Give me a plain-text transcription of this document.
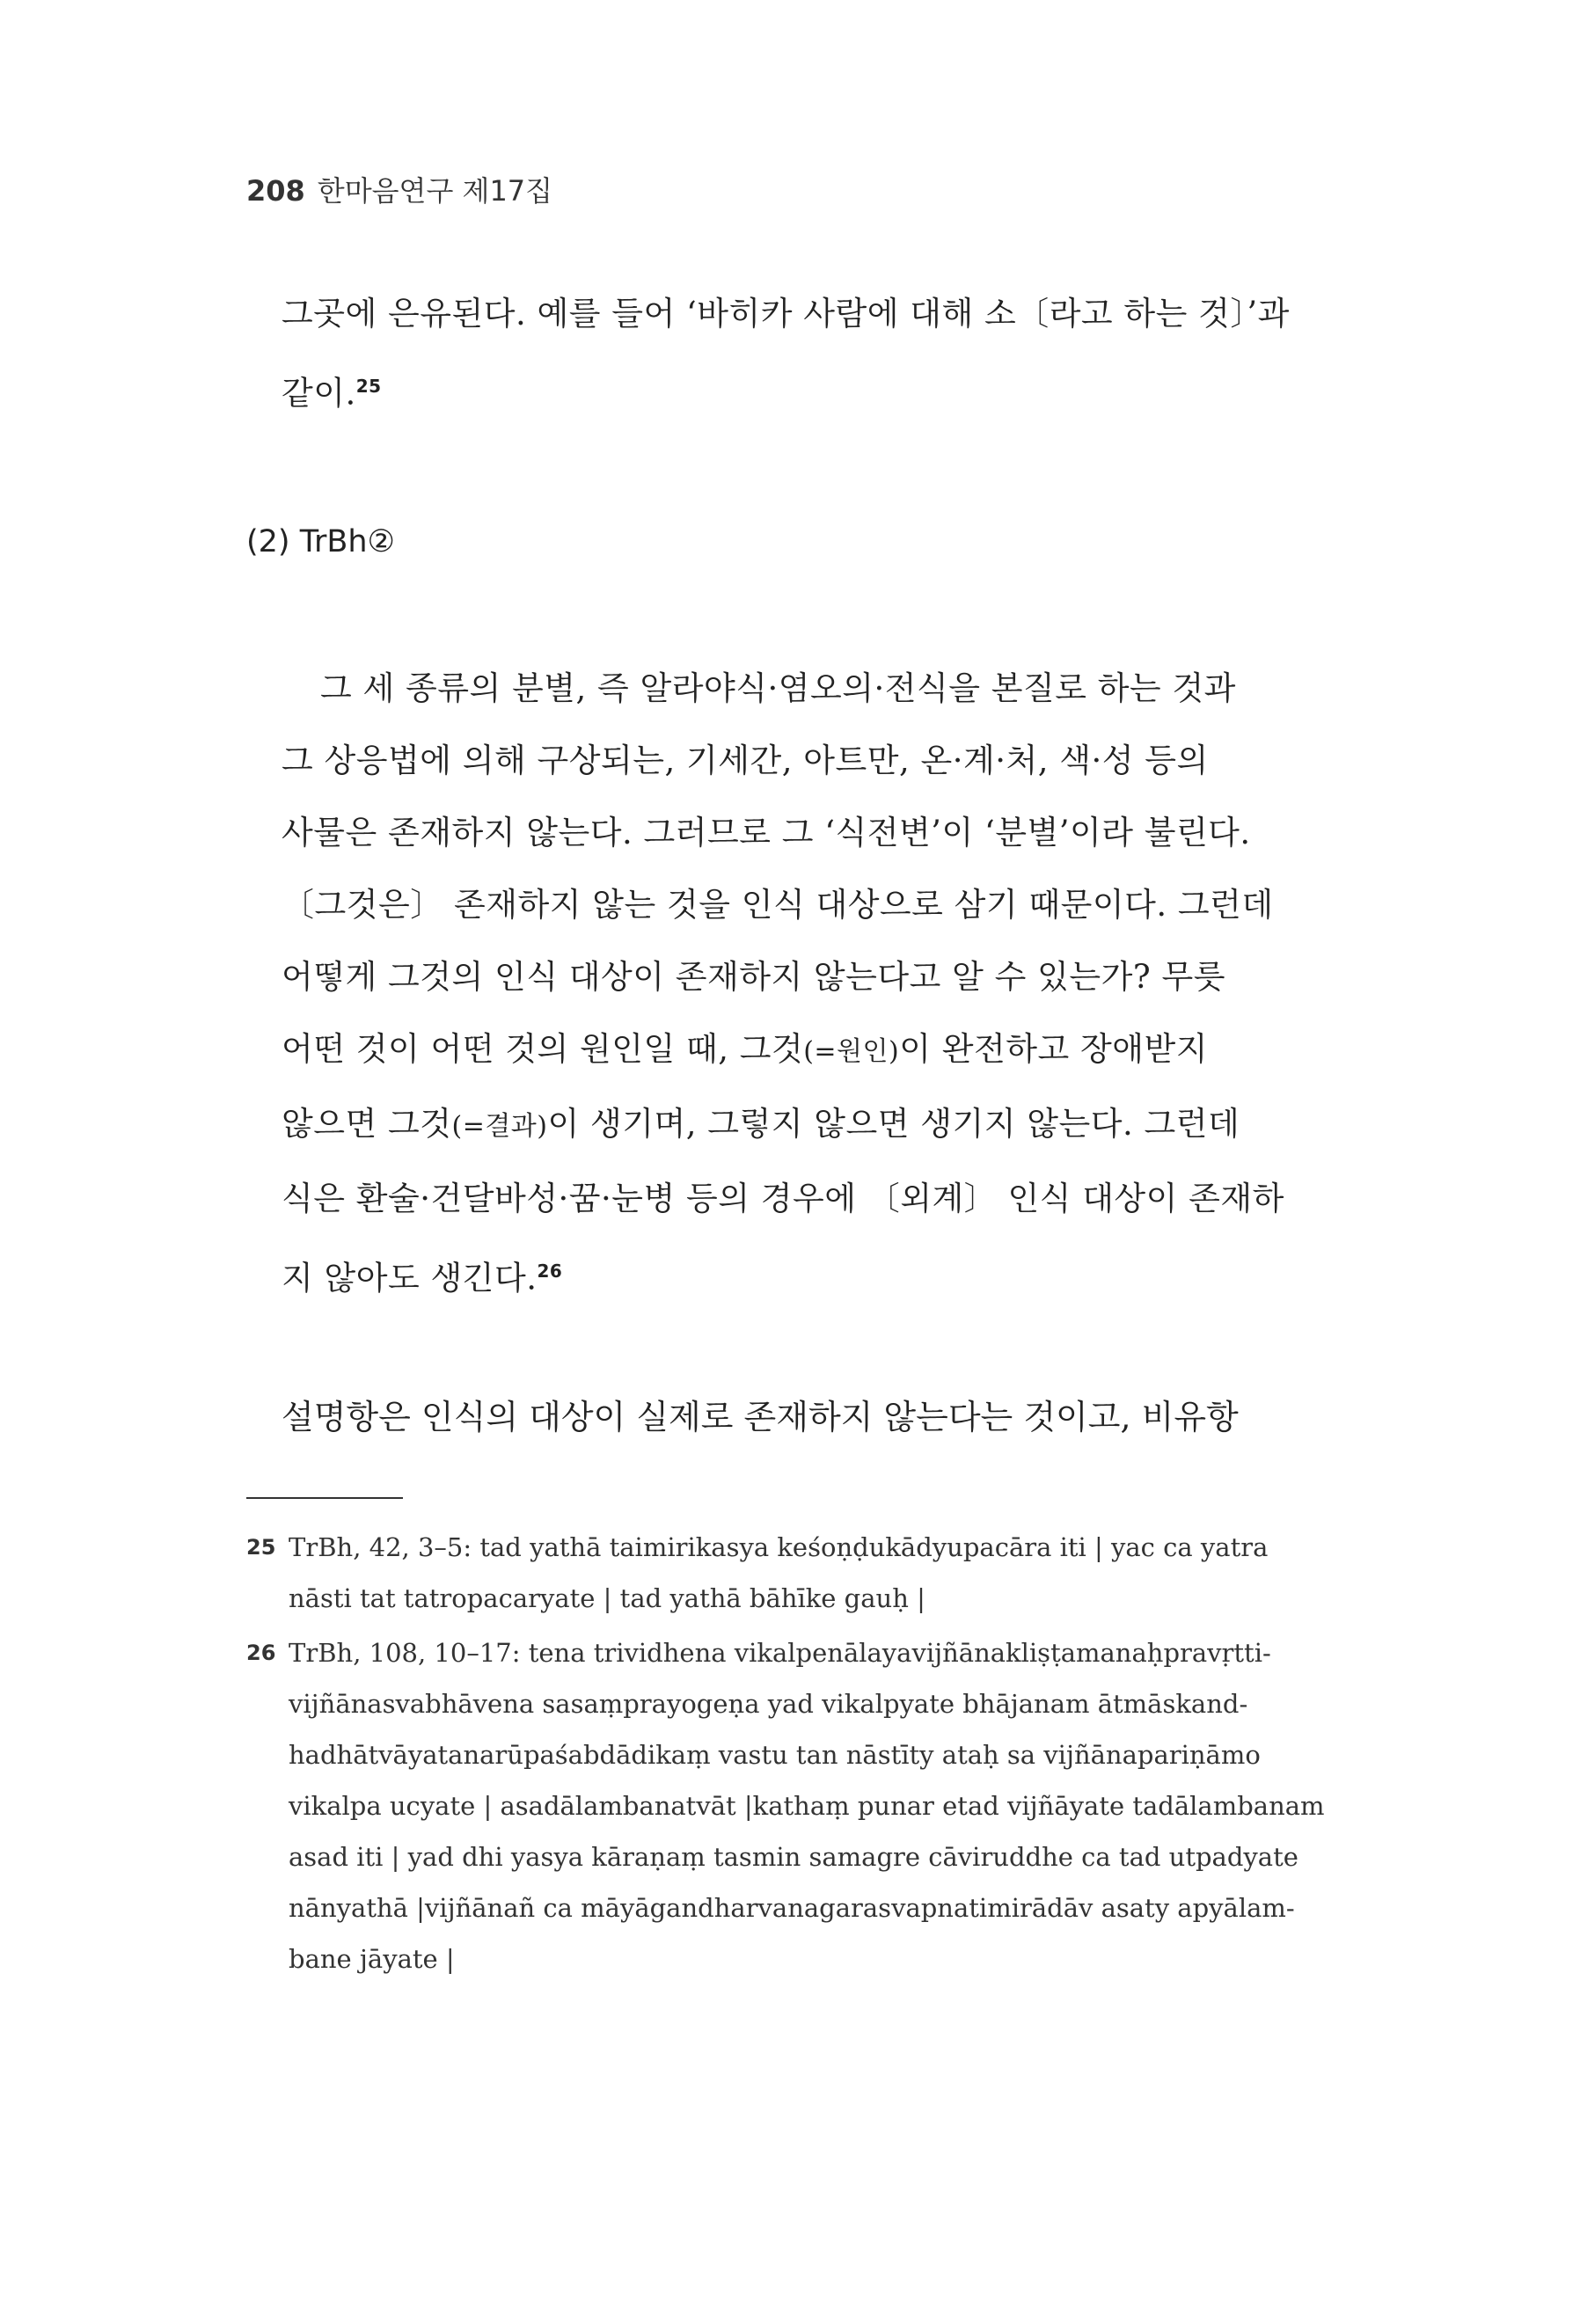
208 한마음연구 제17집
그곳에 은유된다. 예를 들어 ‘바히카 사람에 대해 소〔라고 하는 것〕’과
같이.$^{25}$
(2) TrBh②
그 세 종류의 분별, 즉 알라야식·염오의·전식을 본질로 하는 것과
그 상응법에 의해 구상되는, 기세간, 아트만, 온·계·처, 색·성 등의
사물은 존재하지 않는다. 그러므로 그 ‘식전변’이 ‘분별’이라 불린다.
〔그것은〕 존재하지 않는 것을 인식 대상으로 삼기 때문이다. 그런데
어떻게 그것의 인식 대상이 존재하지 않는다고 알 수 있는가? 무릇
어떤 것이 어떤 것의 원인일 때, 그것(=원인)이 완전하고 장애받지
않으면 그것(=결과)이 생기며, 그렇지 않으면 생기지 않는다. 그런데
식은 환술·건달바성·꿈·눈병 등의 경우에 〔외계〕 인식 대상이 존재하
지 않아도 생긴다.$^{26}$
설명항은 인식의 대상이 실제로 존재하지 않는다는 것이고, 비유항
25 TrBh, 42, 3–5: tad yathā taimirikasya keśoṇḍukādyupacāra iti | yac ca yatra
nāsti tat tatropacaryate | tad yathā bāhīke gauḥ |
26 TrBh, 108, 10–17: tena trividhena vikalpenālayavijñānakliṣṭamanaḥpravṛtti-
vijñānasvabhāvena sasaṃprayogeṇa yad vikalpyate bhājanam ātmāskand-
hadhātvāyatanarūpaśabdādikaṃ vastu tan nāstīty ataḥ sa vijñānapariṇāmo
vikalpa ucyate | asadālambanatvāt |kathaṃ punar etad vijñāyate tadālambanam
asad iti | yad dhi yasya kāraṇaṃ tasmin samagre cāviruddhe ca tad utpadyate
nānyathā |vijñānañ ca māyāgandharvanagarasvapnatimirādāv asaty apyālam-
bane jāyate |
